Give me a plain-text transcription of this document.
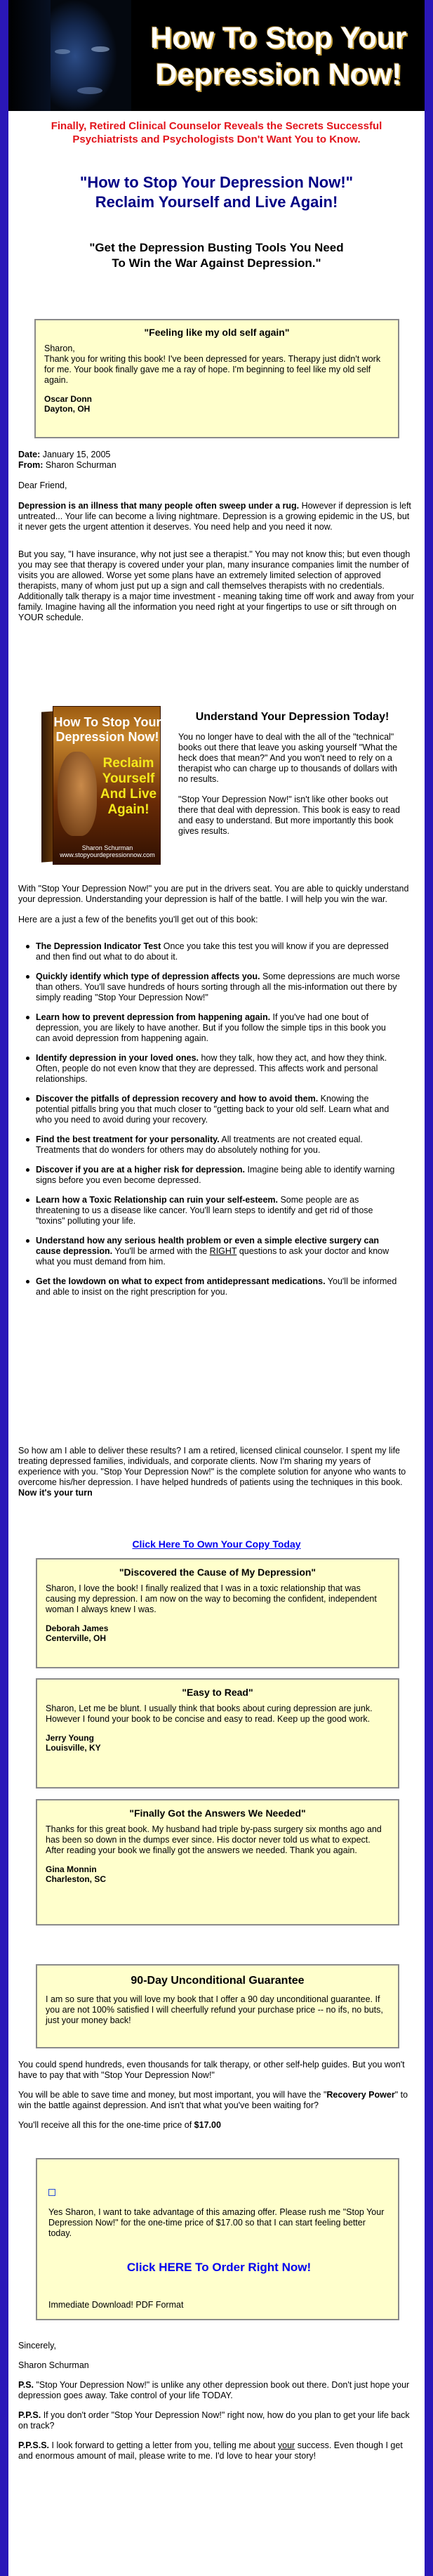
How To Stop Your
Depression Now!
Finally, Retired Clinical Counselor Reveals the Secrets Successful Psychiatrists and Psychologists Don't Want You to Know.
"How to Stop Your Depression Now!"
Reclaim Yourself and Live Again!
"Get the Depression Busting Tools You Need
To Win the War Against Depression."
"Feeling like my old self again"
Sharon,
Thank you for writing this book! I've been depressed for years. Therapy just didn't work for me. Your book finally gave me a ray of hope. I'm beginning to feel like my old self again.
Oscar Donn
Dayton, OH
Date: January 15, 2005
From: Sharon Schurman
Dear Friend,
Depression is an illness that many people often sweep under a rug. However if depression is left untreated... Your life can become a living nightmare. Depression is a growing epidemic in the US, but it never gets the urgent attention it deserves. You need help and you need it now.
But you say, "I have insurance, why not just see a therapist." You may not know this; but even though you may see that therapy is covered under your plan, many insurance companies limit the number of visits you are allowed. Worse yet some plans have an extremely limited selection of approved therapists, many of whom just put up a sign and call themselves therapists with no credentials. Additionally talk therapy is a major time investment - meaning taking time off work and away from your family. Imagine having all the information you need right at your fingertips to use or sift through on YOUR schedule.
How To Stop Your Depression Now!
Reclaim
Yourself
And Live
Again!
Sharon Schurman
www.stopyourdepressionnow.com
Understand Your Depression Today!
You no longer have to deal with the all of the "technical" books out there that leave you asking yourself "What the heck does that mean?" And you won't need to rely on a therapist who can charge up to thousands of dollars with no results.
"Stop Your Depression Now!" isn't like other books out there that deal with depression. This book is easy to read and easy to understand. But more importantly this book gives results.
With "Stop Your Depression Now!" you are put in the drivers seat. You are able to quickly understand your depression. Understanding your depression is half of the battle. I will help you win the war.
Here are a just a few of the benefits you'll get out of this book:
The Depression Indicator Test Once you take this test you will know if you are depressed and then find out what to do about it.
Quickly identify which type of depression affects you. Some depressions are much worse than others. You'll save hundreds of hours sorting through all the mis-information out there by simply reading "Stop Your Depression Now!"
Learn how to prevent depression from happening again. If you've had one bout of depression, you are likely to have another. But if you follow the simple tips in this book you can avoid depression from happening again.
Identify depression in your loved ones. how they talk, how they act, and how they think. Often, people do not even know that they are depressed. This affects work and personal relationships.
Discover the pitfalls of depression recovery and how to avoid them. Knowing the potential pitfalls bring you that much closer to "getting back to your old self. Learn what and who you need to avoid during your recovery.
Find the best treatment for your personality. All treatments are not created equal. Treatments that do wonders for others may do absolutely nothing for you.
Discover if you are at a higher risk for depression. Imagine being able to identify warning signs before you even become depressed.
Learn how a Toxic Relationship can ruin your self-esteem. Some people are as threatening to us a disease like cancer. You'll learn steps to identify and get rid of those "toxins" polluting your life.
Understand how any serious health problem or even a simple elective surgery can cause depression. You'll be armed with the RIGHT questions to ask your doctor and know what you must demand from him.
Get the lowdown on what to expect from antidepressant medications. You'll be informed and able to insist on the right prescription for you.
So how am I able to deliver these results? I am a retired, licensed clinical counselor. I spent my life treating depressed families, individuals, and corporate clients. Now I'm sharing my years of experience with you. "Stop Your Depression Now!" is the complete solution for anyone who wants to overcome his/her depression. I have helped hundreds of patients using the techniques in this book. Now it's your turn
Click Here To Own Your Copy Today
"Discovered the Cause of My Depression"
Sharon, I love the book! I finally realized that I was in a toxic relationship that was causing my depression. I am now on the way to becoming the confident, independent woman I always knew I was.
Deborah James
Centerville, OH
"Easy to Read"
Sharon, Let me be blunt. I usually think that books about curing depression are junk. However I found your book to be concise and easy to read. Keep up the good work.
Jerry Young
Louisville, KY
"Finally Got the Answers We Needed"
Thanks for this great book. My husband had triple by-pass surgery six months ago and has been so down in the dumps ever since. His doctor never told us what to expect. After reading your book we finally got the answers we needed. Thank you again.
Gina Monnin
Charleston, SC
90-Day Unconditional Guarantee
I am so sure that you will love my book that I offer a 90 day unconditional guarantee. If you are not 100% satisfied I will cheerfully refund your purchase price -- no ifs, no buts, just your money back!
You could spend hundreds, even thousands for talk therapy, or other self-help guides. But you won't have to pay that with "Stop Your Depression Now!"
You will be able to save time and money, but most important, you will have the "Recovery Power" to win the battle against depression. And isn't that what you've been waiting for?
You'll receive all this for the one-time price of $17.00
Yes Sharon, I want to take advantage of this amazing offer. Please rush me "Stop Your Depression Now!" for the one-time price of $17.00 so that I can start feeling better today.
Click HERE To Order Right Now!
Immediate Download! PDF Format
Sincerely,
Sharon Schurman
P.S. "Stop Your Depression Now!" is unlike any other depression book out there. Don't just hope your depression goes away. Take control of your life TODAY.
P.P.S. If you don't order "Stop Your Depression Now!" right now, how do you plan to get your life back on track?
P.P.S.S. I look forward to getting a letter from you, telling me about your success. Even though I get and enormous amount of mail, please write to me. I'd love to hear your story!
